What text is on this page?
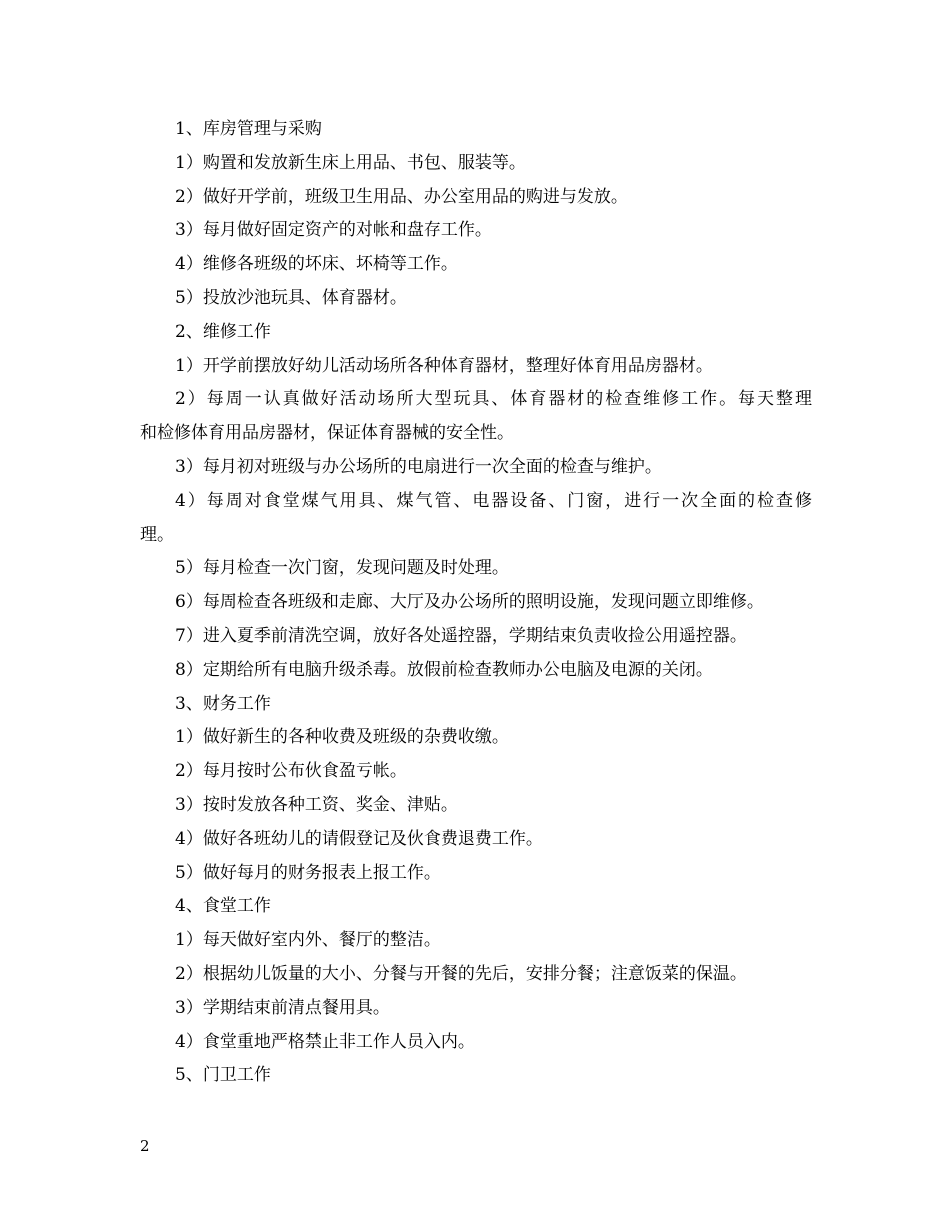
1、库房管理与采购
1）购置和发放新生床上用品、书包、服装等。
2）做好开学前，班级卫生用品、办公室用品的购进与发放。
3）每月做好固定资产的对帐和盘存工作。
4）维修各班级的坏床、坏椅等工作。
5）投放沙池玩具、体育器材。
2、维修工作
1）开学前摆放好幼儿活动场所各种体育器材，整理好体育用品房器材。
2）每周一认真做好活动场所大型玩具、体育器材的检查维修工作。每天整理
和检修体育用品房器材，保证体育器械的安全性。
3）每月初对班级与办公场所的电扇进行一次全面的检查与维护。
4）每周对食堂煤气用具、煤气管、电器设备、门窗，进行一次全面的检查修
理。
5）每月检查一次门窗，发现问题及时处理。
6）每周检查各班级和走廊、大厅及办公场所的照明设施，发现问题立即维修。
7）进入夏季前清洗空调，放好各处遥控器，学期结束负责收捡公用遥控器。
8）定期给所有电脑升级杀毒。放假前检查教师办公电脑及电源的关闭。
3、财务工作
1）做好新生的各种收费及班级的杂费收缴。
2）每月按时公布伙食盈亏帐。
3）按时发放各种工资、奖金、津贴。
4）做好各班幼儿的请假登记及伙食费退费工作。
5）做好每月的财务报表上报工作。
4、食堂工作
1）每天做好室内外、餐厅的整洁。
2）根据幼儿饭量的大小、分餐与开餐的先后，安排分餐；注意饭菜的保温。
3）学期结束前清点餐用具。
4）食堂重地严格禁止非工作人员入内。
5、门卫工作
2
